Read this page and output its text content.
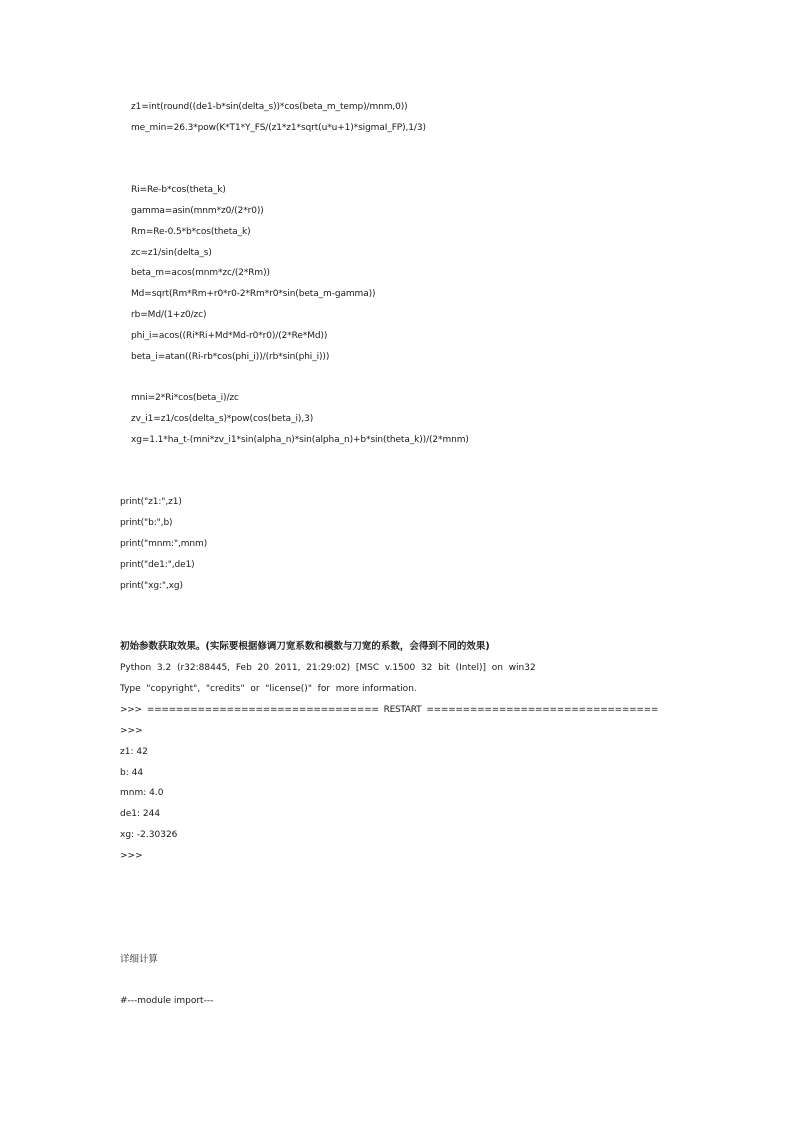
z1=int(round((de1-b*sin(delta_s))*cos(beta_m_temp)/mnm,0))
me_min=26.3*pow(K*T1*Y_FS/(z1*z1*sqrt(u*u+1)*sigmaI_FP),1/3)
Ri=Re-b*cos(theta_k)
gamma=asin(mnm*z0/(2*r0))
Rm=Re-0.5*b*cos(theta_k)
zc=z1/sin(delta_s)
beta_m=acos(mnm*zc/(2*Rm))
Md=sqrt(Rm*Rm+r0*r0-2*Rm*r0*sin(beta_m-gamma))
rb=Md/(1+z0/zc)
phi_i=acos((Ri*Ri+Md*Md-r0*r0)/(2*Re*Md))
beta_i=atan((Ri-rb*cos(phi_i))/(rb*sin(phi_i)))
mni=2*Ri*cos(beta_i)/zc
zv_i1=z1/cos(delta_s)*pow(cos(beta_i),3)
xg=1.1*ha_t-(mni*zv_i1*sin(alpha_n)*sin(alpha_n)+b*sin(theta_k))/(2*mnm)
print("z1:",z1)
print("b:",b)
print("mnm:",mnm)
print("de1:",de1)
print("xg:",xg)
初始参数获取效果。(实际要根据修调刀宽系数和模数与刀宽的系数，会得到不同的效果)
Python  3.2  (r32:88445,  Feb  20  2011,  21:29:02)  [MSC  v.1500  32  bit  (Intel)]  on  win32
Type  "copyright",  "credits"  or  "license()"  for  more information.
>>>  ================================  RESTART  ================================
>>>
z1: 42
b: 44
mnm: 4.0
de1: 244
xg: -2.30326
>>>
详细计算
#---module import---
